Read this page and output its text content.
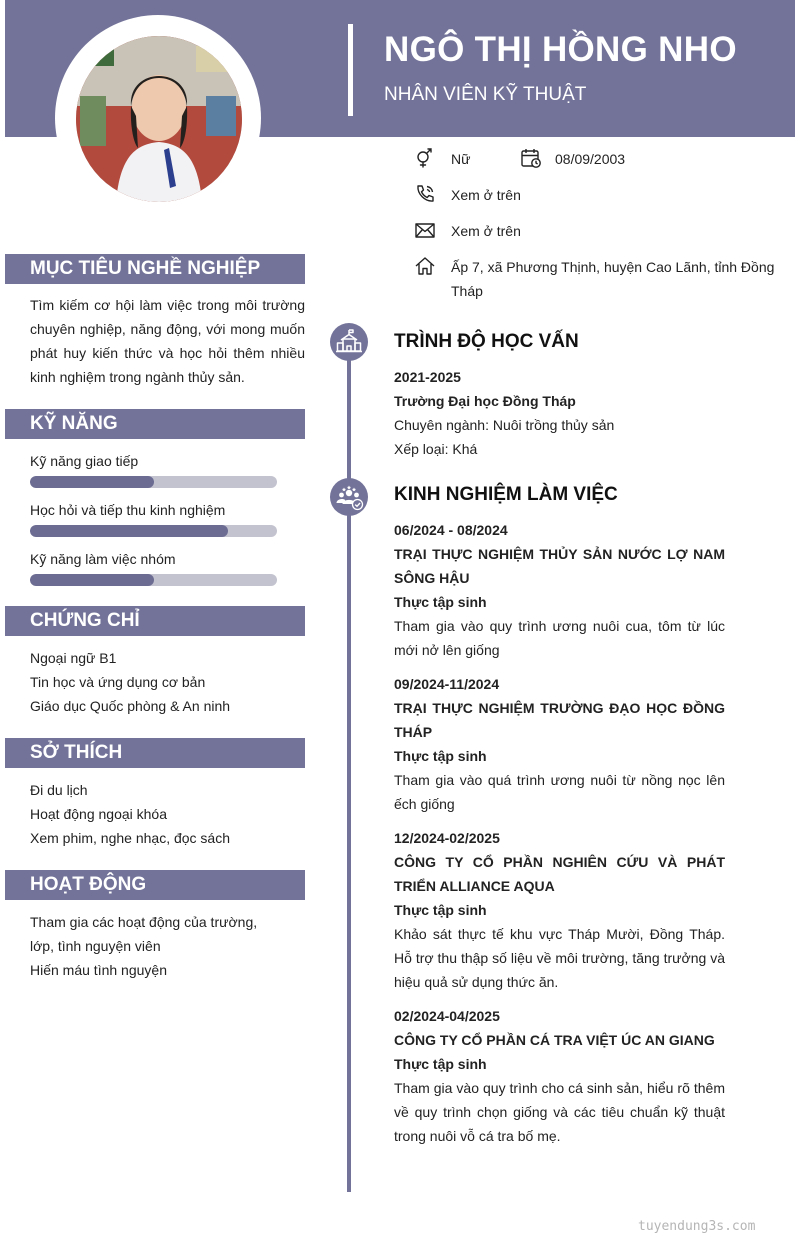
NGÔ THỊ HỒNG NHO
NHÂN VIÊN KỸ THUẬT
Nữ	08/09/2003
Xem ở trên
Xem ở trên
Ấp 7, xã Phương Thịnh, huyện Cao Lãnh, tỉnh Đồng Tháp
MỤC TIÊU NGHỀ NGHIỆP
Tìm kiếm cơ hội làm việc trong môi trường chuyên nghiệp, năng động, với mong muốn phát huy kiến thức và học hỏi thêm nhiều kinh nghiệm trong ngành thủy sản.
KỸ NĂNG
Kỹ năng giao tiếp
Học hỏi và tiếp thu kinh nghiệm
Kỹ năng làm việc nhóm
CHỨNG CHỈ
Ngoại ngữ B1
Tin học và ứng dụng cơ bản
Giáo dục Quốc phòng & An ninh
SỞ THÍCH
Đi du lịch
Hoạt động ngoại khóa
Xem phim, nghe nhạc, đọc sách
HOẠT ĐỘNG
Tham gia các hoạt động của trường,
lớp, tình nguyện viên
Hiến máu tình nguyện
TRÌNH ĐỘ HỌC VẤN
2021-2025
Trường Đại học Đồng Tháp
Chuyên ngành: Nuôi trồng thủy sản
Xếp loại: Khá
KINH NGHIỆM LÀM VIỆC
06/2024 - 08/2024
TRẠI THỰC NGHIỆM THỦY SẢN NƯỚC LỢ NAM SÔNG HẬU
Thực tập sinh
Tham gia vào quy trình ương nuôi cua, tôm từ lúc mới nở lên giống
09/2024-11/2024
TRẠI THỰC NGHIỆM TRƯỜNG ĐẠO HỌC ĐỒNG THÁP
Thực tập sinh
Tham gia vào quá trình ương nuôi từ nồng nọc lên ếch giống
12/2024-02/2025
CÔNG TY CỔ PHẦN NGHIÊN CỨU VÀ PHÁT TRIỂN ALLIANCE AQUA
Thực tập sinh
Khảo sát thực tế khu vực Tháp Mười, Đồng Tháp. Hỗ trợ thu thập số liệu về môi trường, tăng trưởng và hiệu quả sử dụng thức ăn.
02/2024-04/2025
CÔNG TY CỔ PHẦN CÁ TRA VIỆT ÚC AN GIANG
Thực tập sinh
Tham gia vào quy trình cho cá sinh sản, hiểu rõ thêm về quy trình chọn giống và các tiêu chuẩn kỹ thuật trong nuôi vỗ cá tra bố mẹ.
tuyendung3s.com
